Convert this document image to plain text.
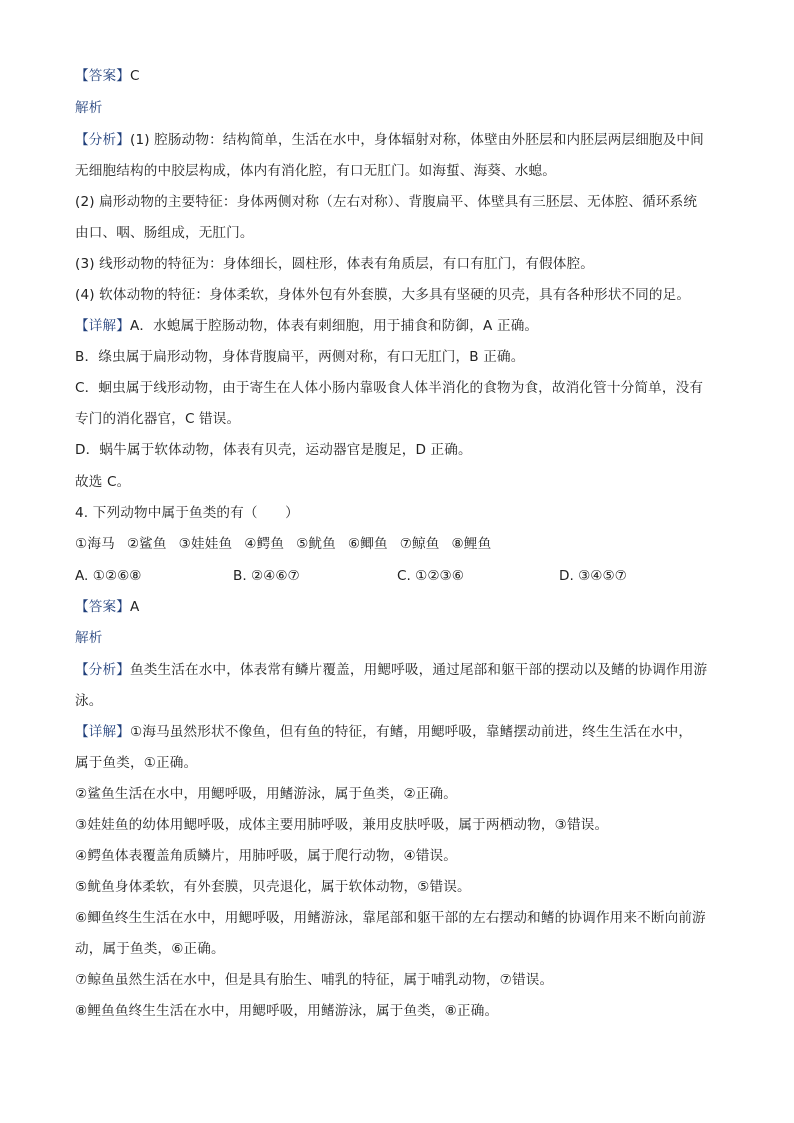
【答案】C
解析
【分析】(1) 腔肠动物：结构简单，生活在水中，身体辐射对称，体壁由外胚层和内胚层两层细胞及中间
无细胞结构的中胶层构成，体内有消化腔，有口无肛门。如海蜇、海葵、水螅。
(2) 扁形动物的主要特征：身体两侧对称（左右对称）、背腹扁平、体壁具有三胚层、无体腔、循环系统
由口、咽、肠组成，无肛门。
(3) 线形动物的特征为：身体细长，圆柱形，体表有角质层，有口有肛门，有假体腔。
(4) 软体动物的特征：身体柔软，身体外包有外套膜，大多具有坚硬的贝壳，具有各种形状不同的足。
【详解】A．水螅属于腔肠动物，体表有刺细胞，用于捕食和防御，A 正确。
B．绦虫属于扁形动物，身体背腹扁平，两侧对称，有口无肛门，B 正确。
C．蛔虫属于线形动物，由于寄生在人体小肠内靠吸食人体半消化的食物为食，故消化管十分简单，没有
专门的消化器官，C 错误。
D．蜗牛属于软体动物，体表有贝壳，运动器官是腹足，D 正确。
故选 C。
4. 下列动物中属于鱼类的有（　　）
①海马 ②鲨鱼 ③娃娃鱼 ④鳄鱼 ⑤鱿鱼 ⑥鲫鱼 ⑦鲸鱼 ⑧鲤鱼
A. ①②⑥⑧	B. ②④⑥⑦	C. ①②③⑥	D. ③④⑤⑦
【答案】A
解析
【分析】鱼类生活在水中，体表常有鳞片覆盖，用鳃呼吸，通过尾部和躯干部的摆动以及鳍的协调作用游
泳。
【详解】①海马虽然形状不像鱼，但有鱼的特征，有鳍，用鳃呼吸，靠鳍摆动前进，终生生活在水中，
属于鱼类，①正确。
②鲨鱼生活在水中，用鳃呼吸，用鳍游泳，属于鱼类，②正确。
③娃娃鱼的幼体用鳃呼吸，成体主要用肺呼吸，兼用皮肤呼吸，属于两栖动物，③错误。
④鳄鱼体表覆盖角质鳞片，用肺呼吸，属于爬行动物，④错误。
⑤鱿鱼身体柔软，有外套膜，贝壳退化，属于软体动物，⑤错误。
⑥鲫鱼终生生活在水中，用鳃呼吸，用鳍游泳，靠尾部和躯干部的左右摆动和鳍的协调作用来不断向前游
动，属于鱼类，⑥正确。
⑦鲸鱼虽然生活在水中，但是具有胎生、哺乳的特征，属于哺乳动物，⑦错误。
⑧鲤鱼鱼终生生活在水中，用鳃呼吸，用鳍游泳，属于鱼类，⑧正确。
